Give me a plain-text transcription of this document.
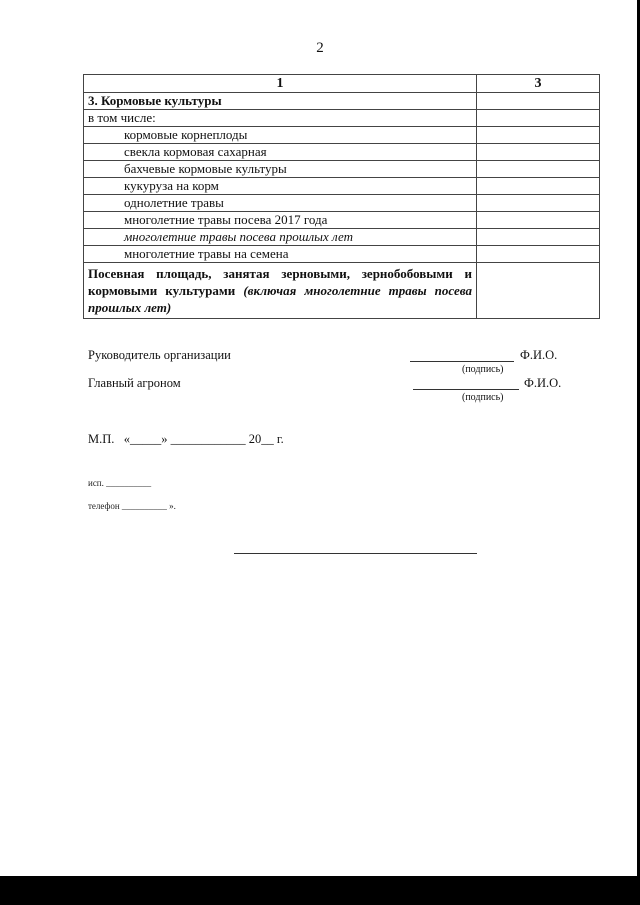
2
1	3
3. Кормовые культуры	
в том числе:	
кормовые корнеплоды	
свекла кормовая сахарная	
бахчевые кормовые культуры	
кукуруза на корм	
однолетние травы	
многолетние травы посева 2017 года	
многолетние травы посева прошлых лет	
многолетние травы на семена	
Посевная площадь, занятая зерновыми, зернобобовыми и кормовыми культурами (включая многолетние травы посева прошлых лет)	
Руководитель организации	Ф.И.О.
(подпись)
Главный агроном	Ф.И.О.
(подпись)
М.П.   «_____» ____________ 20__ г.
исп. __________
телефон __________ ».
